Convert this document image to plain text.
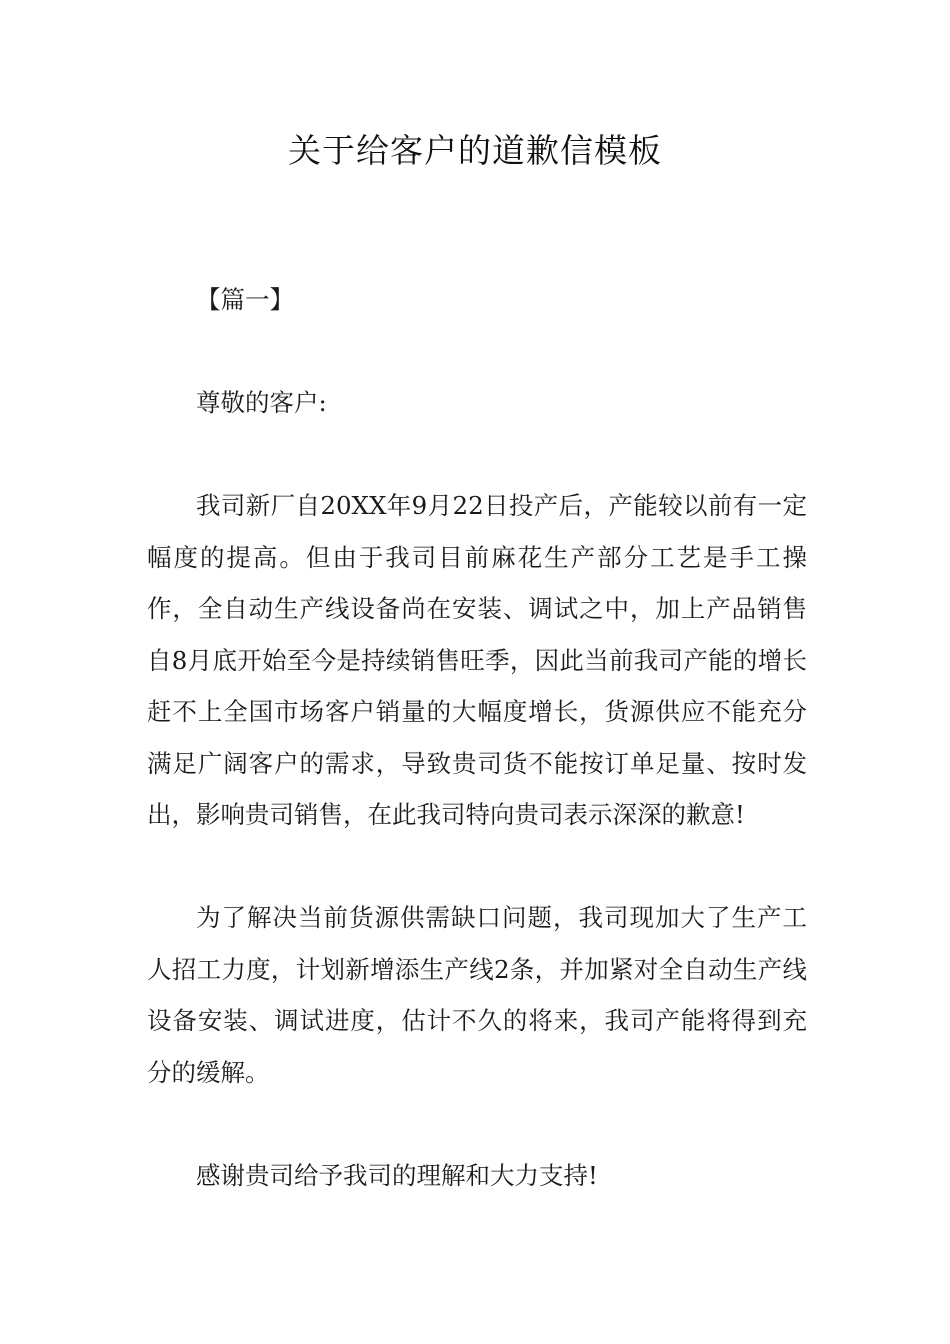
关于给客户的道歉信模板

【篇一】

尊敬的客户:

我司新厂自20XX年9月22日投产后，产能较以前有一定幅度的提高。但由于我司目前麻花生产部分工艺是手工操作，全自动生产线设备尚在安装、调试之中，加上产品销售自8月底开始至今是持续销售旺季，因此当前我司产能的增长赶不上全国市场客户销量的大幅度增长，货源供应不能充分满足广阔客户的需求，导致贵司货不能按订单足量、按时发出，影响贵司销售，在此我司特向贵司表示深深的歉意!

为了解决当前货源供需缺口问题，我司现加大了生产工人招工力度，计划新增添生产线2条，并加紧对全自动生产线设备安装、调试进度，估计不久的将来，我司产能将得到充分的缓解。

感谢贵司给予我司的理解和大力支持!
